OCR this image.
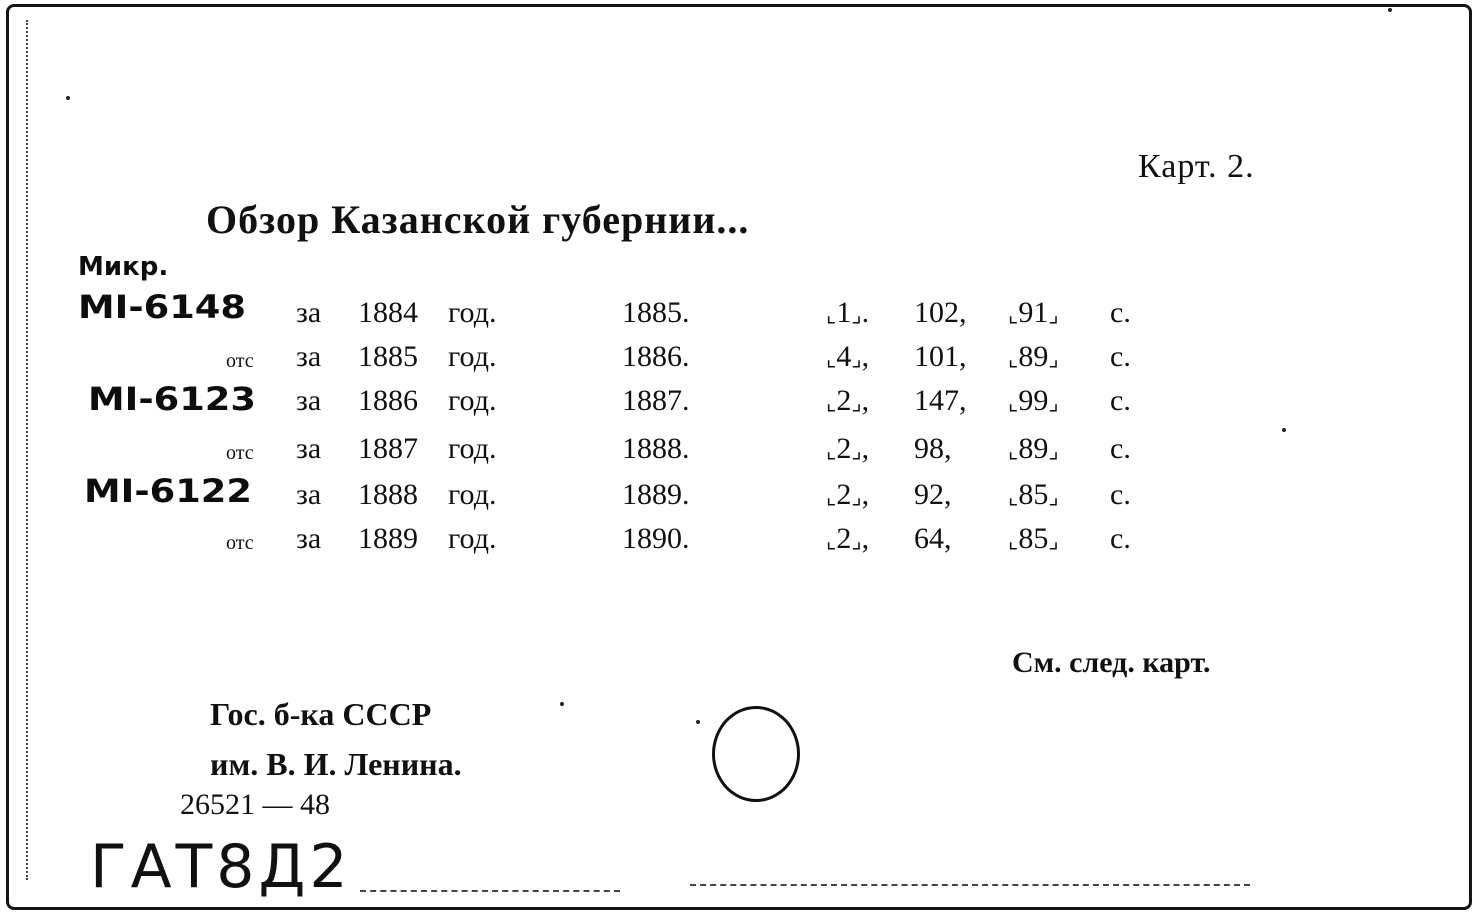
Карт. 2.
Обзор Казанской губернии...
Микр.
MI-6148 за 1884 год.	1885.	⌞1⌟. 102, ⌞91⌟ с.
отс за 1885 год.	1886.	⌞4⌟, 101, ⌞89⌟ с.
MI-6123 за 1886 год.	1887.	⌞2⌟, 147, ⌞99⌟ с.
отс за 1887 год.	1888.	⌞2⌟, 98,	⌞89⌟ с.
MI-6122 за 1888 год.	1889.	⌞2⌟, 92,	⌞85⌟ с.
отс за 1889 год.	1890.	⌞2⌟, 64,	⌞85⌟ с.
См. след. карт.
Гос. б-ка СССР
им. В. И. Ленина.
26521 — 48
ГАТ8Д2
